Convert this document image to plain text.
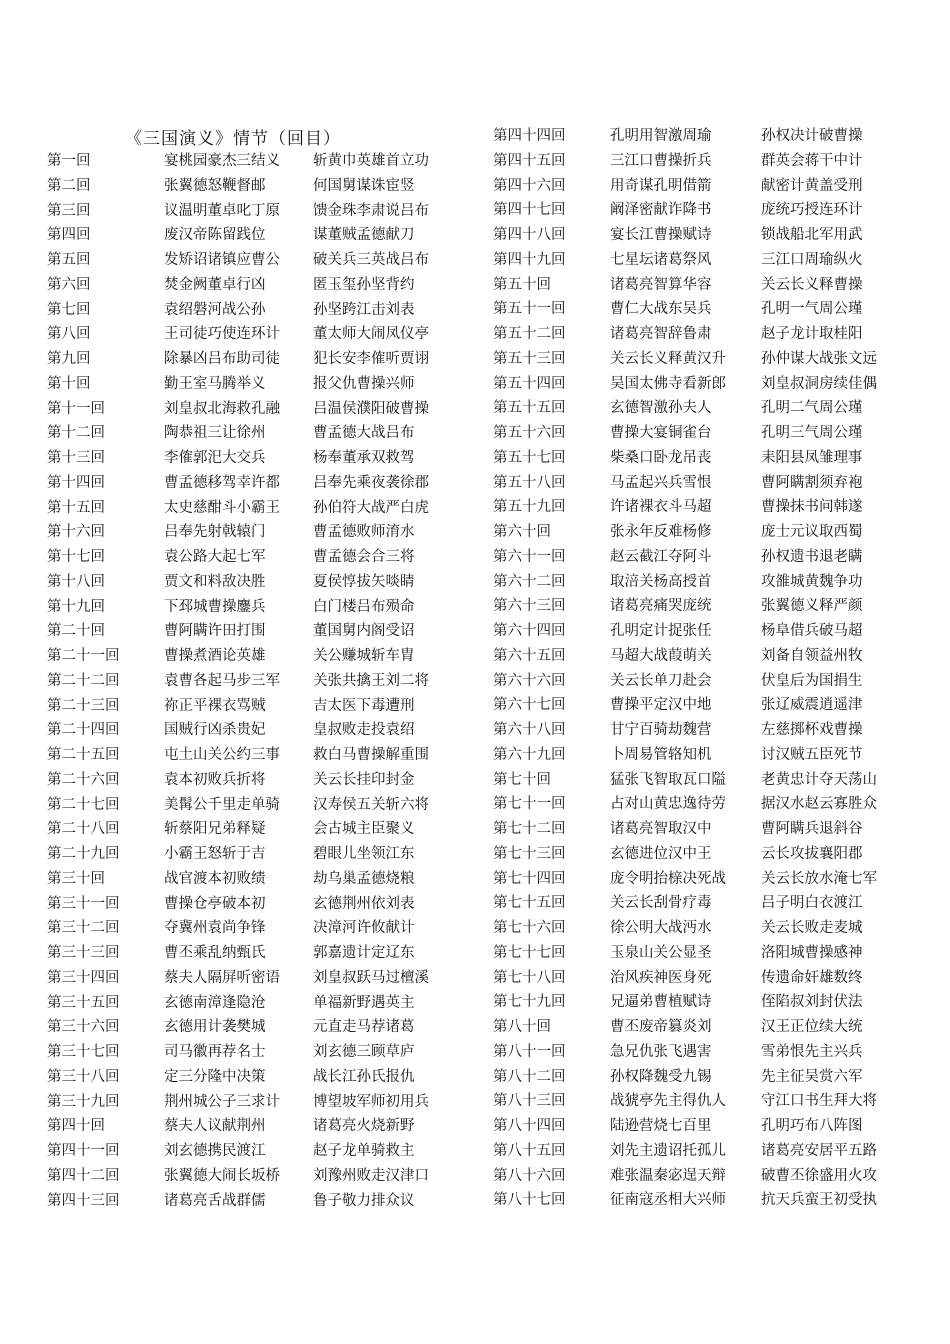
《三国演义》情节（回目）
第一回	宴桃园豪杰三结义 斩黄巾英雄首立功
第二回	张翼德怒鞭督邮	何国舅谋诛宦竖
第三回	议温明董卓叱丁原 馈金珠李肃说吕布
第四回	废汉帝陈留践位	谋董贼孟德献刀
第五回	发矫诏诸镇应曹公 破关兵三英战吕布
第六回	焚金阙董卓行凶	匿玉玺孙坚背约
第七回	袁绍磐河战公孙	孙坚跨江击刘表
第八回	王司徒巧使连环计 董太师大闹凤仪亭
第九回	除暴凶吕布助司徒 犯长安李傕听贾诩
第十回	勤王室马腾举义	报父仇曹操兴师
第十一回	刘皇叔北海救孔融 吕温侯濮阳破曹操
第十二回	陶恭祖三让徐州	曹孟德大战吕布
第十三回	李傕郭汜大交兵	杨奉董承双救驾
第十四回	曹孟德移驾幸许都 吕奉先乘夜袭徐郡
第十五回	太史慈酣斗小霸王 孙伯符大战严白虎
第十六回	吕奉先射戟辕门	曹孟德败师淯水
第十七回	袁公路大起七军	曹孟德会合三将
第十八回	贾文和料敌决胜	夏侯惇拔矢啖睛
第十九回	下邳城曹操鏖兵	白门楼吕布殒命
第二十回	曹阿瞒许田打围	董国舅内阁受诏
第二十一回	曹操煮酒论英雄	关公赚城斩车胄
第二十二回	袁曹各起马步三军 关张共擒王刘二将
第二十三回	祢正平裸衣骂贼	吉太医下毒遭刑
第二十四回	国贼行凶杀贵妃	皇叔败走投袁绍
第二十五回	屯土山关公约三事 救白马曹操解重围
第二十六回	袁本初败兵折将	关云长挂印封金
第二十七回	美髯公千里走单骑 汉寿侯五关斩六将
第二十八回	斩蔡阳兄弟释疑	会古城主臣聚义
第二十九回	小霸王怒斩于吉	碧眼儿坐领江东
第三十回	战官渡本初败绩	劫乌巢孟德烧粮
第三十一回	曹操仓亭破本初	玄德荆州依刘表
第三十二回	夺冀州袁尚争锋	决漳河许攸献计
第三十三回	曹丕乘乱纳甄氏	郭嘉遗计定辽东
第三十四回	蔡夫人隔屏听密语 刘皇叔跃马过檀溪
第三十五回	玄德南漳逢隐沧	单福新野遇英主
第三十六回	玄德用计袭樊城	元直走马荐诸葛
第三十七回	司马徽再荐名士	刘玄德三顾草庐
第三十八回	定三分隆中决策	战长江孙氏报仇
第三十九回	荆州城公子三求计 博望坡军师初用兵
第四十回	蔡夫人议献荆州	诸葛亮火烧新野
第四十一回	刘玄德携民渡江	赵子龙单骑救主
第四十二回	张翼德大闹长坂桥 刘豫州败走汉津口
第四十三回	诸葛亮舌战群儒	鲁子敬力排众议
第四十四回	孔明用智激周瑜	孙权决计破曹操
第四十五回	三江口曹操折兵	群英会蒋干中计
第四十六回	用奇谋孔明借箭	献密计黄盖受刑
第四十七回	阚泽密献诈降书	庞统巧授连环计
第四十八回	宴长江曹操赋诗	锁战船北军用武
第四十九回	七星坛诸葛祭风	三江口周瑜纵火
第五十回	诸葛亮智算华容	关云长义释曹操
第五十一回	曹仁大战东吴兵	孔明一气周公瑾
第五十二回	诸葛亮智辞鲁肃	赵子龙计取桂阳
第五十三回	关云长义释黄汉升 孙仲谋大战张文远
第五十四回	吴国太佛寺看新郎 刘皇叔洞房续佳偶
第五十五回	玄德智激孙夫人	孔明二气周公瑾
第五十六回	曹操大宴铜雀台	孔明三气周公瑾
第五十七回	柴桑口卧龙吊丧	耒阳县凤雏理事
第五十八回	马孟起兴兵雪恨	曹阿瞒割须弃袍
第五十九回	许诸裸衣斗马超	曹操抹书问韩遂
第六十回	张永年反难杨修	庞士元议取西蜀
第六十一回	赵云截江夺阿斗	孙权遗书退老瞒
第六十二回	取涪关杨高授首	攻雒城黄魏争功
第六十三回	诸葛亮痛哭庞统	张翼德义释严颜
第六十四回	孔明定计捉张任	杨阜借兵破马超
第六十五回	马超大战葭萌关	刘备自领益州牧
第六十六回	关云长单刀赴会	伏皇后为国捐生
第六十七回	曹操平定汉中地	张辽威震逍遥津
第六十八回	甘宁百骑劫魏营	左慈掷杯戏曹操
第六十九回	卜周易管辂知机	讨汉贼五臣死节
第七十回	猛张飞智取瓦口隘 老黄忠计夺天荡山
第七十一回	占对山黄忠逸待劳 据汉水赵云寡胜众
第七十二回	诸葛亮智取汉中	曹阿瞒兵退斜谷
第七十三回	玄德进位汉中王	云长攻拔襄阳郡
第七十四回	庞令明抬榇决死战 关云长放水淹七军
第七十五回	关云长刮骨疗毒	吕子明白衣渡江
第七十六回	徐公明大战沔水	关云长败走麦城
第七十七回	玉泉山关公显圣	洛阳城曹操感神
第七十八回	治风疾神医身死	传遗命奸雄数终
第七十九回	兄逼弟曹植赋诗	侄陷叔刘封伏法
第八十回	曹丕废帝篡炎刘	汉王正位续大统
第八十一回	急兄仇张飞遇害	雪弟恨先主兴兵
第八十二回	孙权降魏受九锡	先主征吴赏六军
第八十三回	战猇亭先主得仇人 守江口书生拜大将
第八十四回	陆逊营烧七百里	孔明巧布八阵图
第八十五回	刘先主遗诏托孤儿 诸葛亮安居平五路
第八十六回	难张温秦宓逞天辩 破曹丕徐盛用火攻
第八十七回	征南寇丞相大兴师 抗天兵蛮王初受执
